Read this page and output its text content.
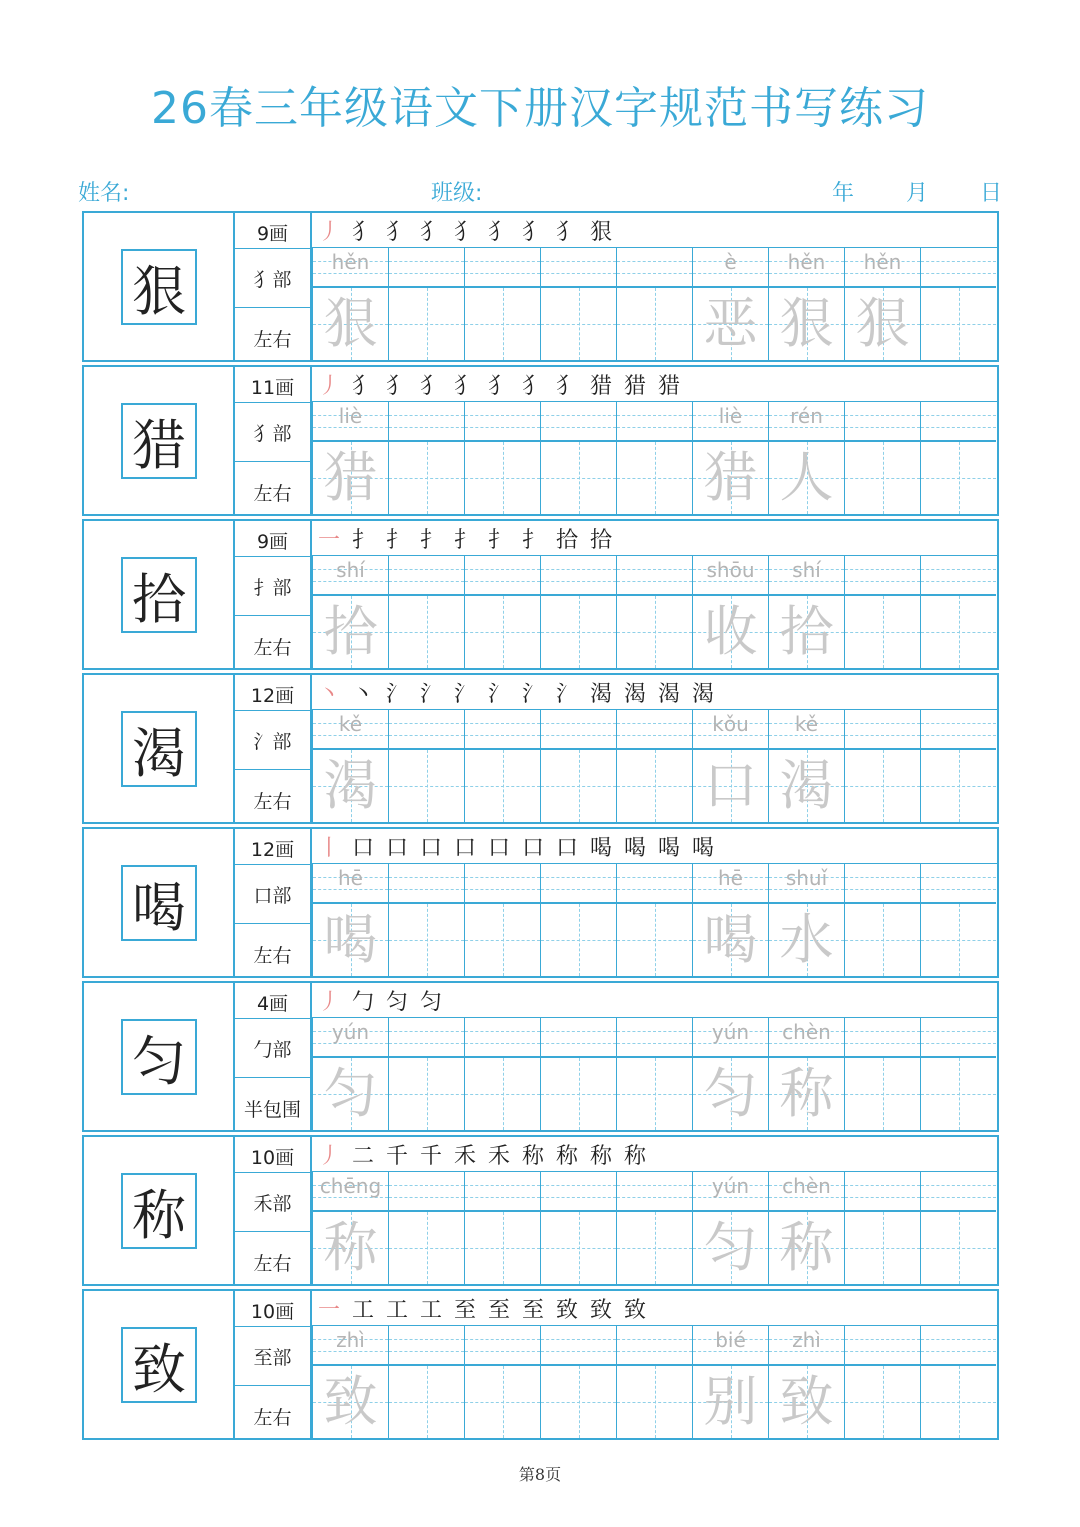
26春三年级语文下册汉字规范书写练习
姓名:	班级:	年 月 日
狠
9画
犭部
左右
丿 犭 犭 犭 犭 犭 犭 犭 狠
hěn
狠
è
恶
hěn
狠
hěn
狠
猎
11画
犭部
左右
丿 犭 犭 犭 犭 犭 犭 犭 猎 猎 猎
liè
猎
liè
猎
rén
人
拾
9画
扌部
左右
一 扌 扌 扌 扌 扌 扌 拾 拾
shí
拾
shōu
收
shí
拾
渴
12画
氵部
左右
丶 丶 氵 氵 氵 氵 氵 氵 渴 渴 渴 渴
kě
渴
kǒu
口
kě
渴
喝
12画
口部
左右
丨 口 口 口 口 口 口 口 喝 喝 喝 喝
hē
喝
hē
喝
shuǐ
水
匀
4画
勹部
半包围
丿 勹 匀 匀
yún
匀
yún
匀
chèn
称
称
10画
禾部
左右
丿 二 千 千 禾 禾 称 称 称 称
chēng
称
yún
匀
chèn
称
致
10画
至部
左右
一 工 工 工 至 至 至 致 致 致
zhì
致
bié
别
zhì
致
第8页
